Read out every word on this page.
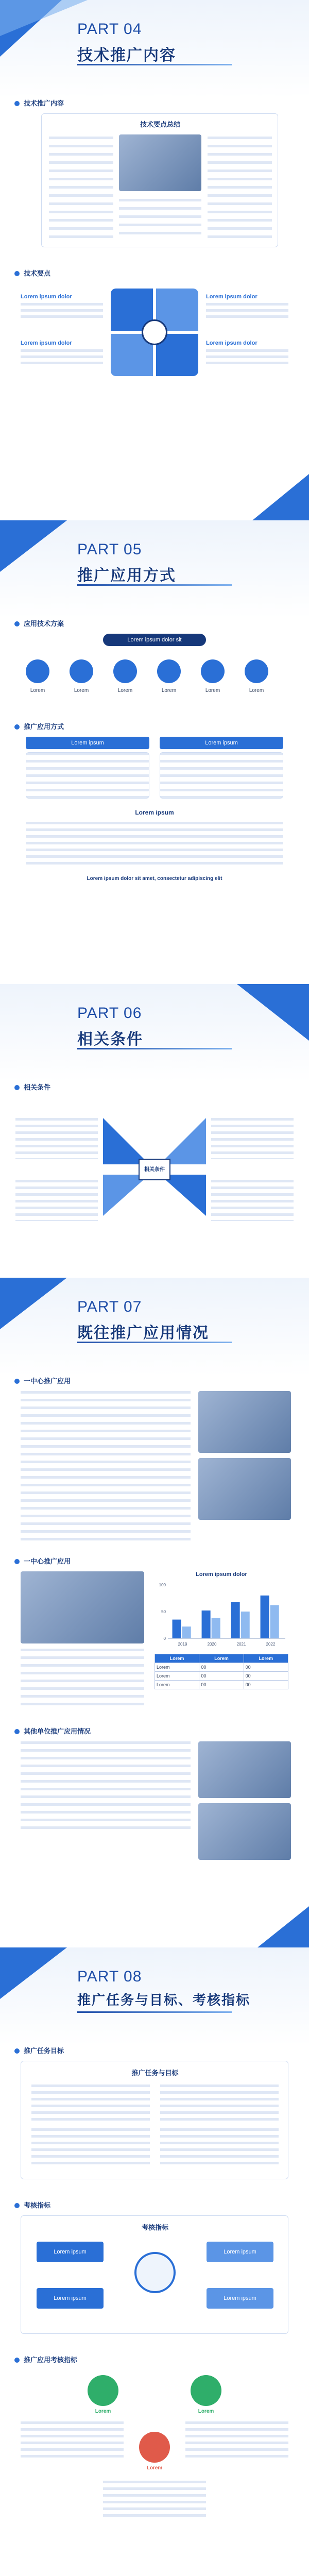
PART 04
技术推广内容
技术推广内容
技术要点总结
技术要点
Lorem ipsum dolor	Lorem ipsum dolor
Lorem ipsum dolor	Lorem ipsum dolor
PART 05
推广应用方式
应用技术方案
Lorem ipsum dolor sit
Lorem	Lorem	Lorem	Lorem	Lorem	Lorem
推广应用方式
Lorem ipsum	Lorem ipsum
Lorem ipsum
Lorem ipsum dolor sit amet, consectetur adipiscing elit
PART 06
相关条件
相关条件
相关条件
PART 07
既往推广应用情况
一中心推广应用
一中心推广应用
Lorem ipsum dolor
0
50
100
2019	2020	2021	2022
Lorem	Lorem	Lorem
Lorem	00	00
Lorem	00	00
Lorem	00	00
其他单位推广应用情况
PART 08
推广任务与目标、考核指标
推广任务目标
推广任务与目标
考核指标
考核指标
Lorem ipsum
Lorem ipsum
Lorem ipsum
Lorem ipsum
推广应用考核指标
Lorem	Lorem
Lorem
